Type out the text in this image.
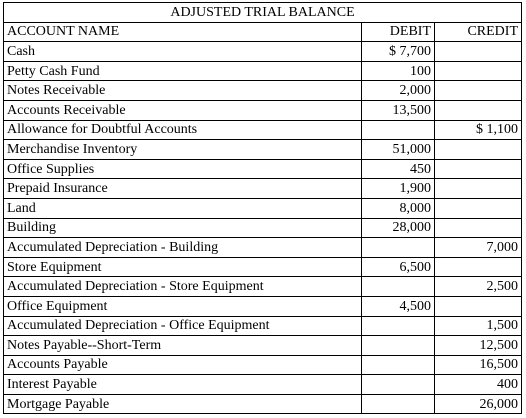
ADJUSTED TRIAL BALANCE		
ACCOUNT NAME	DEBIT	CREDIT
Cash	$ 7,700	
Petty Cash Fund	100	
Notes Receivable	2,000	
Accounts Receivable	13,500	
Allowance for Doubtful Accounts		$ 1,100
Merchandise Inventory	51,000	
Office Supplies	450	
Prepaid Insurance	1,900	
Land	8,000	
Building	28,000	
Accumulated Depreciation - Building		7,000
Store Equipment	6,500	
Accumulated Depreciation - Store Equipment		2,500
Office Equipment	4,500	
Accumulated Depreciation - Office Equipment		1,500
Notes Payable--Short-Term		12,500
Accounts Payable		16,500
Interest Payable		400
Mortgage Payable		26,000
